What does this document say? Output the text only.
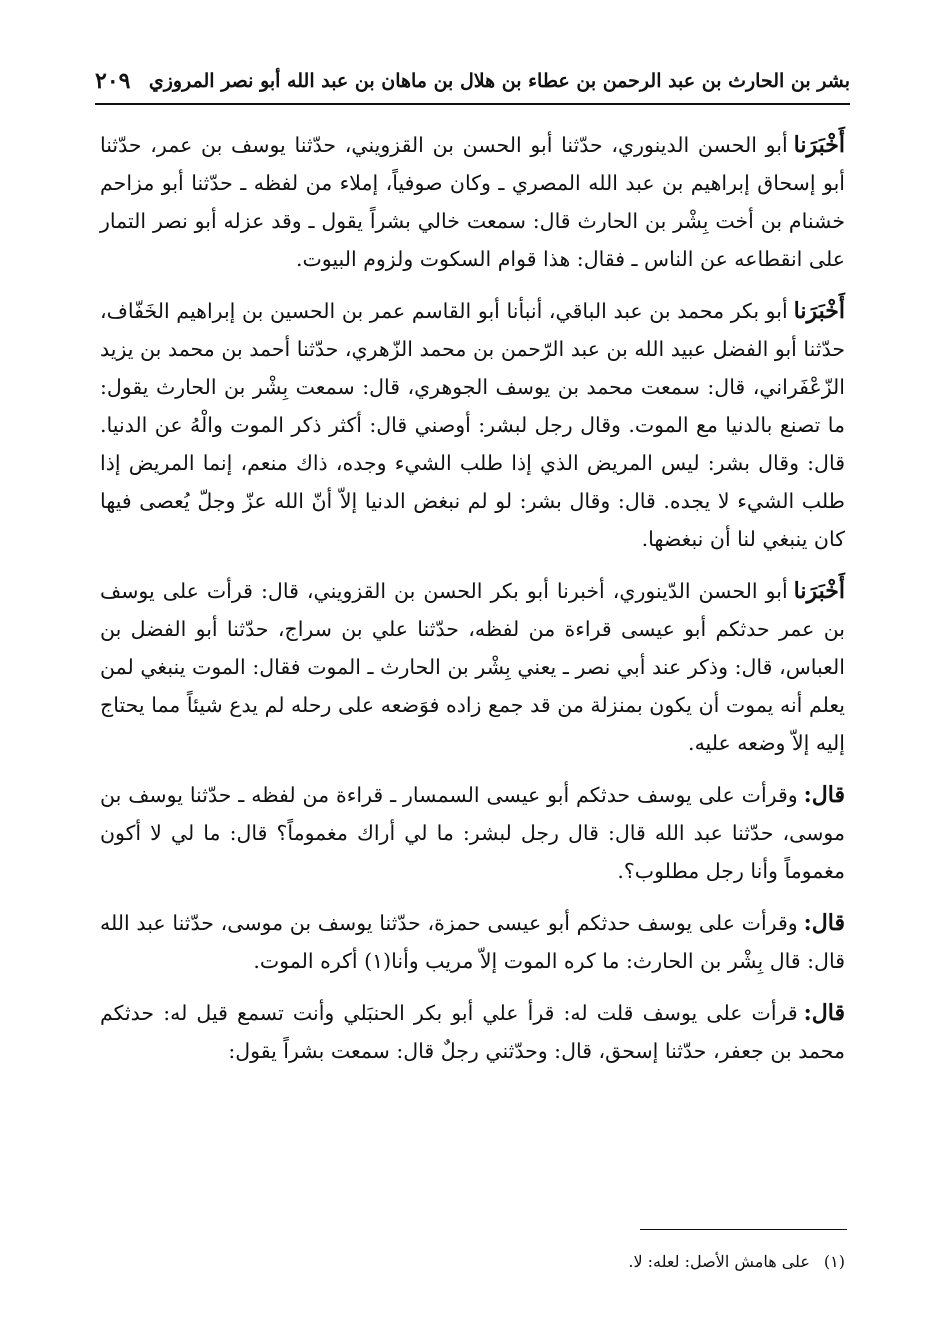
بشر بن الحارث بن عبد الرحمن بن عطاء بن هلال بن ماهان بن عبد الله أبو نصر المروزي
٢٠٩

أَخْبَرَناأبو الحسن الدينوري، حدّثنا أبو الحسن بن القزويني، حدّثنا يوسف بن عمر، حدّثنا أبو إسحاق إبراهيم بن عبد الله المصري ـ وكان صوفياً، إملاء من لفظه ـ حدّثنا أبو مزاحم خشنام بن أخت بِشْر بن الحارث قال: سمعت خالي بشراً يقول ـ وقد عزله أبو نصر التمار على انقطاعه عن الناس ـ فقال: هذا قوام السكوت ولزوم البيوت.

أَخْبَرَناأبو بكر محمد بن عبد الباقي، أنبأنا أبو القاسم عمر بن الحسين بن إبراهيم الخَفّاف، حدّثنا أبو الفضل عبيد الله بن عبد الرّحمن بن محمد الزّهري، حدّثنا أحمد بن محمد بن يزيد الزّعْفَراني، قال: سمعت محمد بن يوسف الجوهري، قال: سمعت بِشْر بن الحارث يقول: ما تصنع بالدنيا مع الموت. وقال رجل لبشر: أوصني قال: أكثر ذكر الموت والْهُ عن الدنيا. قال: وقال بشر: ليس المريض الذي إذا طلب الشيء وجده، ذاك منعم، إنما المريض إذا طلب الشيء لا يجده. قال: وقال بشر: لو لم نبغض الدنيا إلاّ أنّ الله عزّ وجلّ يُعصى فيها كان ينبغي لنا أن نبغضها.

أَخْبَرَناأبو الحسن الدّينوري، أخبرنا أبو بكر الحسن بن القزويني، قال: قرأت على يوسف بن عمر حدثكم أبو عيسى قراءة من لفظه، حدّثنا علي بن سراج، حدّثنا أبو الفضل بن العباس، قال: وذكر عند أبي نصر ـ يعني بِشْر بن الحارث ـ الموت فقال: الموت ينبغي لمن يعلم أنه يموت أن يكون بمنزلة من قد جمع زاده فوَضعه على رحله لم يدع شيئاً مما يحتاج إليه إلاّ وضعه عليه.

قال:وقرأت على يوسف حدثكم أبو عيسى السمسار ـ قراءة من لفظه ـ حدّثنا يوسف بن موسى، حدّثنا عبد الله قال: قال رجل لبشر: ما لي أراك مغموماً؟ قال: ما لي لا أكون مغموماً وأنا رجل مطلوب؟.

قال:وقرأت على يوسف حدثكم أبو عيسى حمزة، حدّثنا يوسف بن موسى، حدّثنا عبد الله قال: قال بِشْر بن الحارث: ما كره الموت إلاّ مريب وأنا(١) أكره الموت.

قال:قرأت على يوسف قلت له: قرأ علي أبو بكر الحنبَلي وأنت تسمع قيل له: حدثكم محمد بن جعفر، حدّثنا إسحق، قال: وحدّثني رجلٌ قال: سمعت بشراً يقول:

(١)على هامش الأصل: لعله: لا.
